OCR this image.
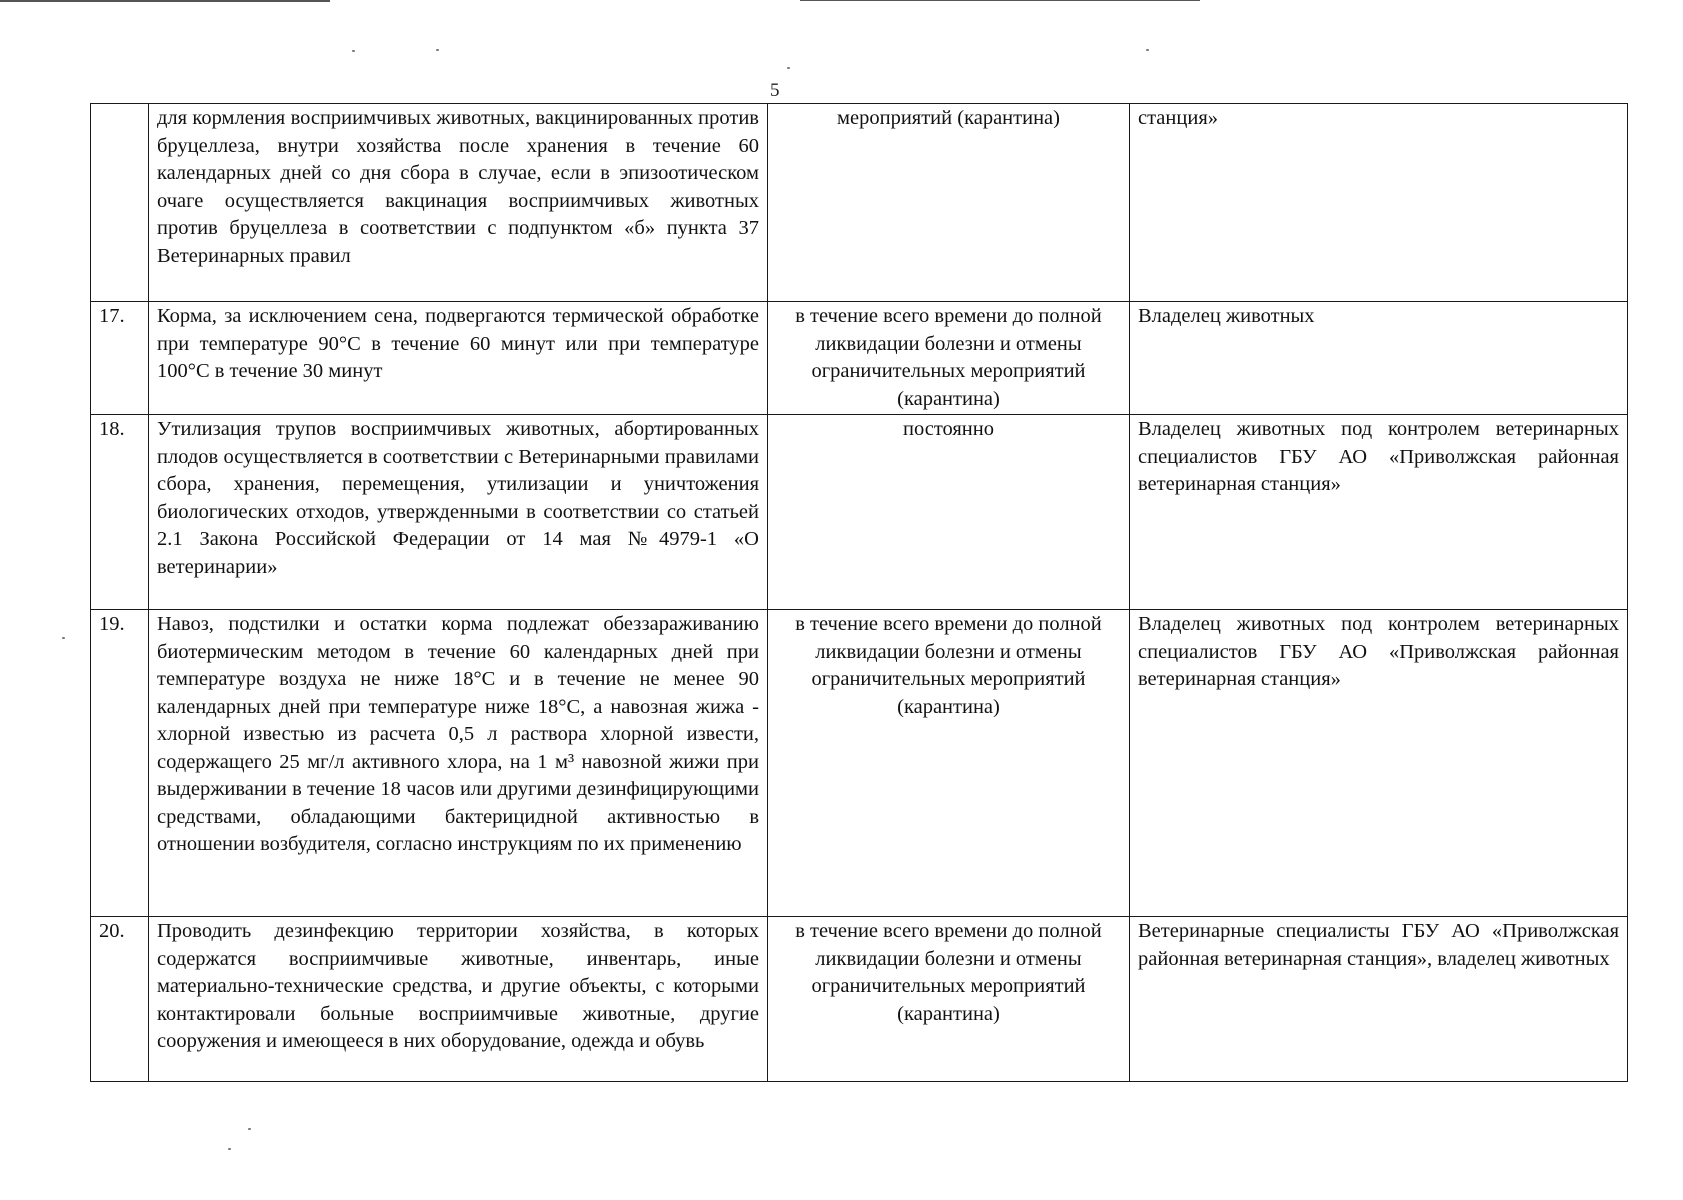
5
	для кормления восприимчивых животных, вакцинированных против бруцеллеза, внутри хозяйства после хранения в течение 60 календарных дней со дня сбора в случае, если в эпизоотическом очаге осуществляется вакцинация восприимчивых животных против бруцеллеза в соответствии с подпунктом «б» пункта 37 Ветеринарных правил	мероприятий (карантина)	станция»
17.	Корма, за исключением сена, подвергаются термической обработке при температуре 90°С в течение 60 минут или при температуре 100°С в течение 30 минут	в течение всего времени до полной ликвидации болезни и отмены ограничительных мероприятий (карантина)	Владелец животных
18.	Утилизация трупов восприимчивых животных, абортированных плодов осуществляется в соответствии с Ветеринарными правилами сбора, хранения, перемещения, утилизации и уничтожения биологических отходов, утвержденными в соответствии со статьей 2.1 Закона Российской Федерации от 14 мая №4979-1 «О ветеринарии»	постоянно	Владелец животных под контролем ветеринарных специалистов ГБУ АО «Приволжская районная ветеринарная станция»
19.	Навоз, подстилки и остатки корма подлежат обеззараживанию биотермическим методом в течение 60 календарных дней при температуре воздуха не ниже 18°С и в течение не менее 90 календарных дней при температуре ниже 18°С, а навозная жижа - хлорной известью из расчета 0,5 л раствора хлорной извести, содержащего 25 мг/л активного хлора, на 1 м³ навозной жижи при выдерживании в течение 18 часов или другими дезинфицирующими средствами, обладающими бактерицидной активностью в отношении возбудителя, согласно инструкциям по их применению	в течение всего времени до полной ликвидации болезни и отмены ограничительных мероприятий (карантина)	Владелец животных под контролем ветеринарных специалистов ГБУ АО «Приволжская районная ветеринарная станция»
20.	Проводить дезинфекцию территории хозяйства, в которых содержатся восприимчивые животные, инвентарь, иные материально-технические средства, и другие объекты, с которыми контактировали больные восприимчивые животные, другие сооружения и имеющееся в них оборудование, одежда и обувь	в течение всего времени до полной ликвидации болезни и отмены ограничительных мероприятий (карантина)	Ветеринарные специалисты ГБУ АО «Приволжская районная ветеринарная станция», владелец животных
